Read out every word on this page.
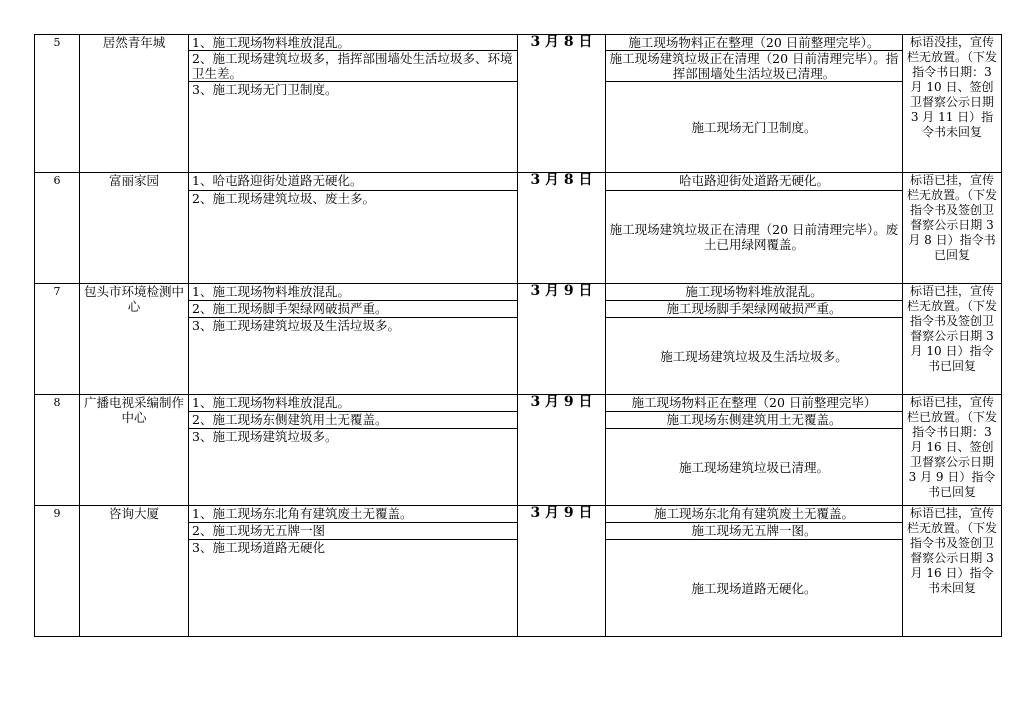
5	居然青年城	1、施工现场物料堆放混乱。	3 月 8 日	施工现场物料正在整理（20 日前整理完毕）。	标语没挂，宣传栏无放置。（下发指令书日期：3 月 10 日、签创卫督察公示日期 3 月 11 日）指令书未回复
		2、施工现场建筑垃圾多，指挥部围墙处生活垃圾多、环境卫生差。		施工现场建筑垃圾正在清理（20 日前清理完毕）。指挥部围墙处生活垃圾已清理。	
		3、施工现场无门卫制度。		施工现场无门卫制度。	
6	富丽家园	1、哈屯路迎街处道路无硬化。	3 月 8 日	哈屯路迎街处道路无硬化。	标语已挂，宣传栏无放置。（下发指令书及签创卫督察公示日期 3 月 8 日）指令书已回复
		2、施工现场建筑垃圾、废土多。		施工现场建筑垃圾正在清理（20 日前清理完毕）。废土已用绿网覆盖。	
7	包头市环境检测中心	1、施工现场物料堆放混乱。	3 月 9 日	施工现场物料堆放混乱。	标语已挂，宣传栏无放置。（下发指令书及签创卫督察公示日期 3 月 10 日）指令书已回复
		2、施工现场脚手架绿网破损严重。		施工现场脚手架绿网破损严重。	
		3、施工现场建筑垃圾及生活垃圾多。		施工现场建筑垃圾及生活垃圾多。	
8	广播电视采编制作中心	1、施工现场物料堆放混乱。	3 月 9 日	施工现场物料正在整理（20 日前整理完毕）	标语已挂，宣传栏已放置。（下发指令书日期：3 月 16 日、签创卫督察公示日期 3 月 9 日）指令书已回复
		2、施工现场东侧建筑用土无覆盖。		施工现场东侧建筑用土无覆盖。	
		3、施工现场建筑垃圾多。		施工现场建筑垃圾已清理。	
9	咨询大厦	1、施工现场东北角有建筑废土无覆盖。	3 月 9 日	施工现场东北角有建筑废土无覆盖。	标语已挂，宣传栏无放置。（下发指令书及签创卫督察公示日期 3 月 16 日）指令书未回复
		2、施工现场无五牌一图		施工现场无五牌一图。	
		3、施工现场道路无硬化		施工现场道路无硬化。	
